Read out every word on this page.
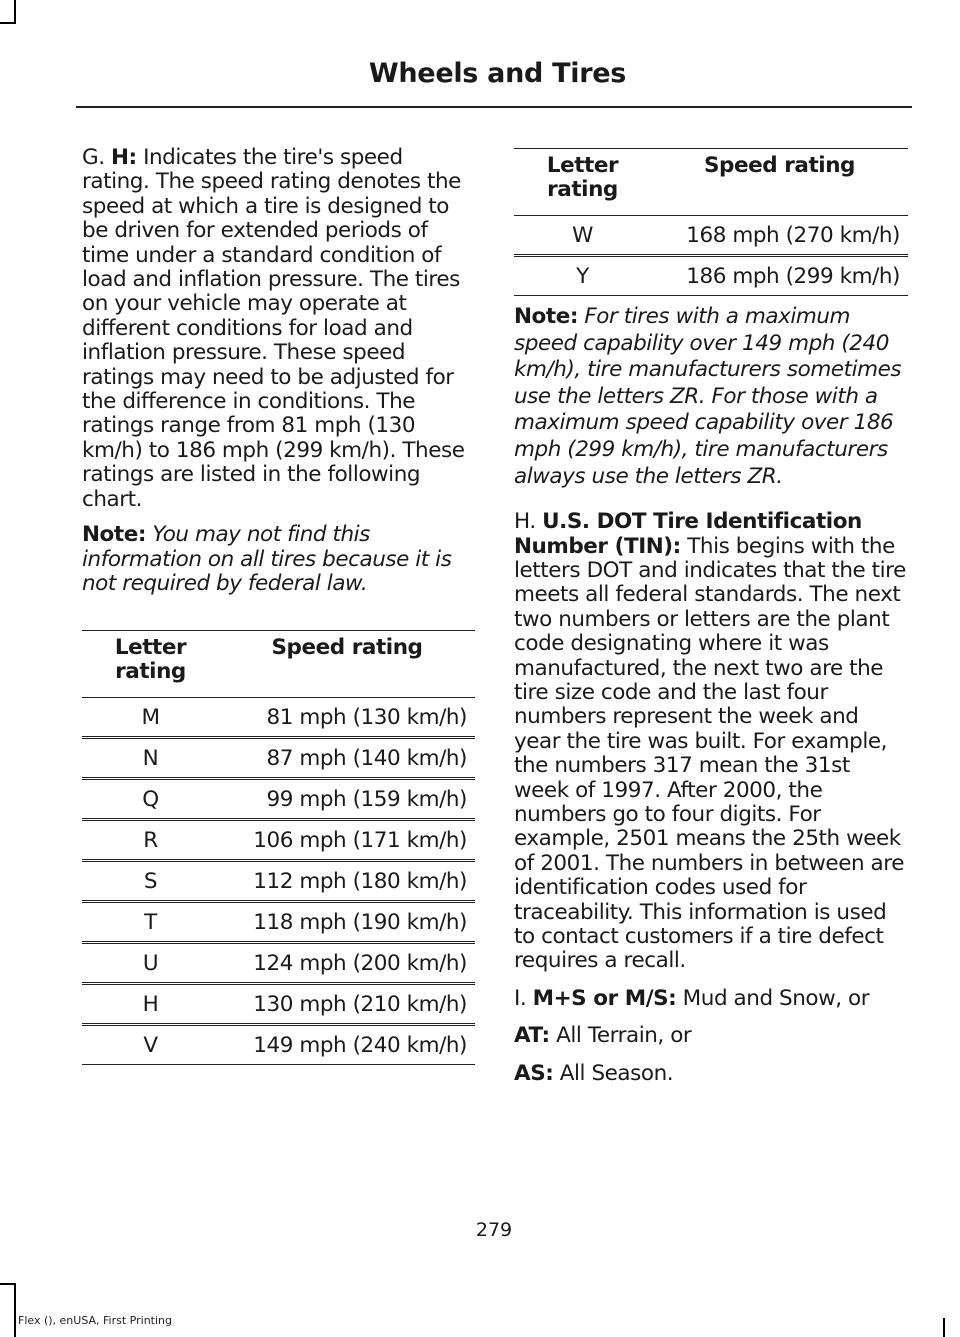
Wheels and Tires

G. H: Indicates the tire's speed rating. The speed rating denotes the speed at which a tire is designed to be driven for extended periods of time under a standard condition of load and inflation pressure. The tires on your vehicle may operate at different conditions for load and inflation pressure. These speed ratings may need to be adjusted for the difference in conditions. The ratings range from 81 mph (130 km/h) to 186 mph (299 km/h). These ratings are listed in the following chart.

Note: You may not find this information on all tires because it is not required by federal law.

Letter rating	Speed rating
M	81 mph (130 km/h)

N	87 mph (140 km/h)

Q	99 mph (159 km/h)

R	106 mph (171 km/h)

S	112 mph (180 km/h)

T	118 mph (190 km/h)

U	124 mph (200 km/h)

H	130 mph (210 km/h)

V	149 mph (240 km/h)
Letter rating	Speed rating
W	168 mph (270 km/h)

Y	186 mph (299 km/h)

Note: For tires with a maximum speed capability over 149 mph (240 km/h), tire manufacturers sometimes use the letters ZR. For those with a maximum speed capability over 186 mph (299 km/h), tire manufacturers always use the letters ZR.

H. U.S. DOT Tire Identification Number (TIN): This begins with the letters DOT and indicates that the tire meets all federal standards. The next two numbers or letters are the plant code designating where it was manufactured, the next two are the tire size code and the last four numbers represent the week and year the tire was built. For example, the numbers 317 mean the 31st week of 1997. After 2000, the numbers go to four digits. For example, 2501 means the 25th week of 2001. The numbers in between are identification codes used for traceability. This information is used to contact customers if a tire defect requires a recall.

I. M+S or M/S: Mud and Snow, or

AT: All Terrain, or

AS: All Season.

279
Flex (), enUSA, First Printing
